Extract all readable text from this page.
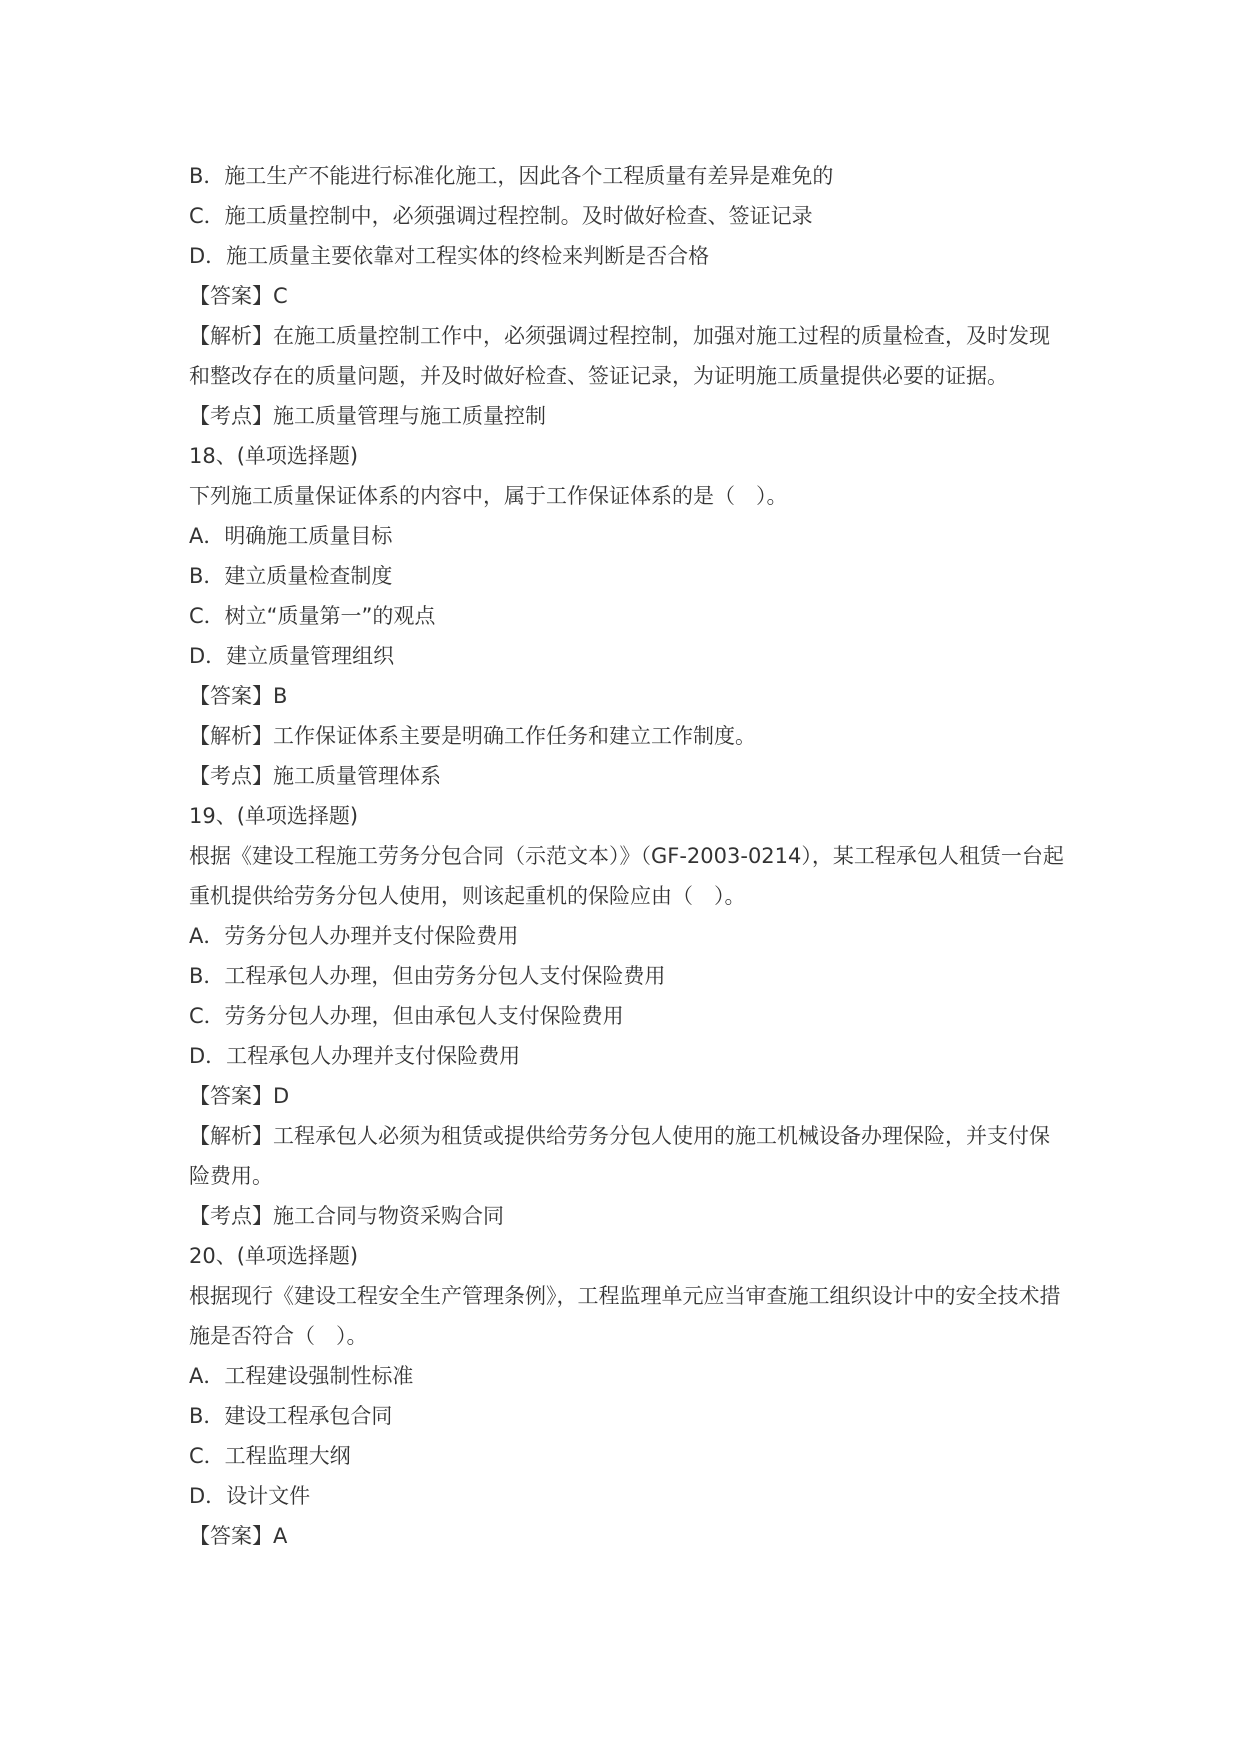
B．施工生产不能进行标准化施工，因此各个工程质量有差异是难免的
C．施工质量控制中，必须强调过程控制。及时做好检查、签证记录
D．施工质量主要依靠对工程实体的终检来判断是否合格
【答案】C
【解析】在施工质量控制工作中，必须强调过程控制，加强对施工过程的质量检查，及时发现和整改存在的质量问题，并及时做好检查、签证记录，为证明施工质量提供必要的证据。
【考点】施工质量管理与施工质量控制
18、(单项选择题)
下列施工质量保证体系的内容中，属于工作保证体系的是（　）。
A．明确施工质量目标
B．建立质量检查制度
C．树立“质量第一”的观点
D．建立质量管理组织
【答案】B
【解析】工作保证体系主要是明确工作任务和建立工作制度。
【考点】施工质量管理体系
19、(单项选择题)
根据《建设工程施工劳务分包合同（示范文本）》（GF-2003-0214），某工程承包人租赁一台起重机提供给劳务分包人使用，则该起重机的保险应由（　）。
A．劳务分包人办理并支付保险费用
B．工程承包人办理，但由劳务分包人支付保险费用
C．劳务分包人办理，但由承包人支付保险费用
D．工程承包人办理并支付保险费用
【答案】D
【解析】工程承包人必须为租赁或提供给劳务分包人使用的施工机械设备办理保险，并支付保险费用。
【考点】施工合同与物资采购合同
20、(单项选择题)
根据现行《建设工程安全生产管理条例》，工程监理单元应当审查施工组织设计中的安全技术措施是否符合（　）。
A．工程建设强制性标准
B．建设工程承包合同
C．工程监理大纲
D．设计文件
【答案】A
